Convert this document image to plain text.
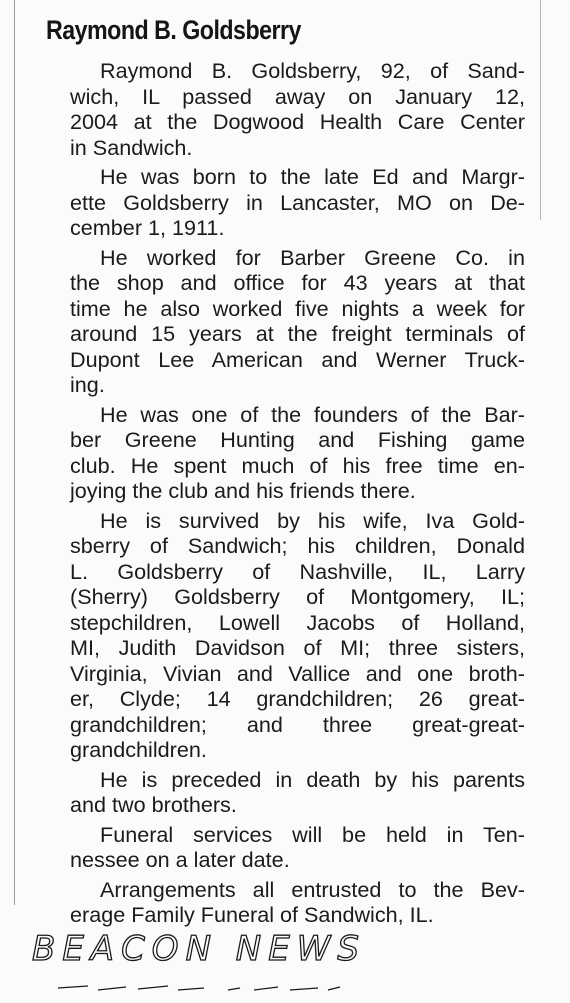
Raymond B. Goldsberry

Raymond B. Goldsberry, 92, of Sand-
wich, IL passed away on January 12,
2004 at the Dogwood Health Care Center
in Sandwich.

He was born to the late Ed and Margr-
ette Goldsberry in Lancaster, MO on De-
cember 1, 1911.

He worked for Barber Greene Co. in
the shop and office for 43 years at that
time he also worked five nights a week for
around 15 years at the freight terminals of
Dupont Lee American and Werner Truck-
ing.

He was one of the founders of the Bar-
ber Greene Hunting and Fishing game
club. He spent much of his free time en-
joying the club and his friends there.

He is survived by his wife, Iva Gold-
sberry of Sandwich; his children, Donald
L. Goldsberry of Nashville, IL, Larry
(Sherry) Goldsberry of Montgomery, IL;
stepchildren, Lowell Jacobs of Holland,
MI, Judith Davidson of MI; three sisters,
Virginia, Vivian and Vallice and one broth-
er, Clyde; 14 grandchildren; 26 great-
grandchildren; and three great-great-
grandchildren.

He is preceded in death by his parents
and two brothers.

Funeral services will be held in Ten-
nessee on a later date.

Arrangements all entrusted to the Bev-
erage Family Funeral of Sandwich, IL.

BEACON NEWS
